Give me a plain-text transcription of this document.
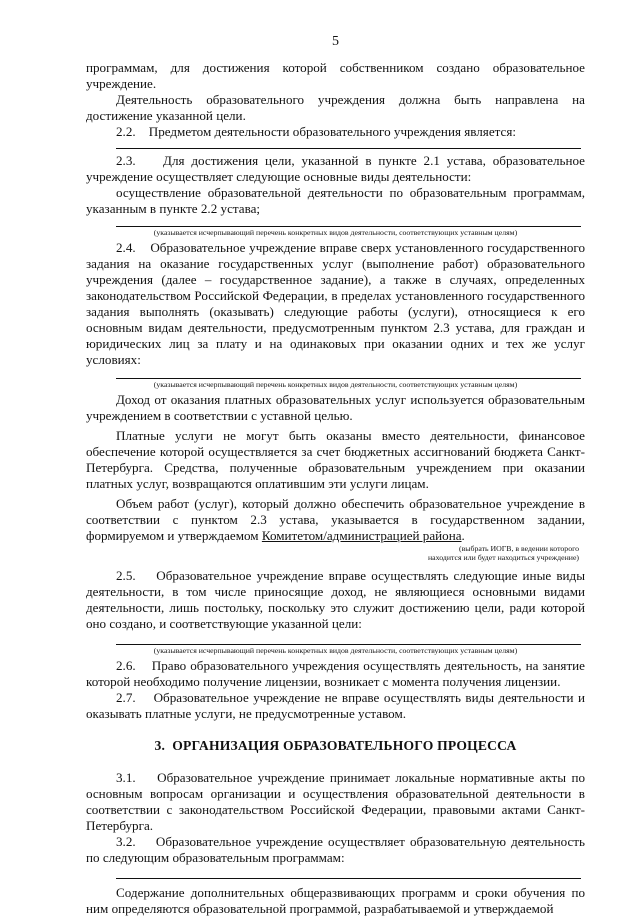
5

программам, для достижения которой собственником создано образовательное учреждение.

Деятельность образовательного учреждения должна быть направлена на достижение указанной цели.

2.2.    Предметом деятельности образовательного учреждения является:

2.3.    Для достижения цели, указанной в пункте 2.1 устава, образовательное учреждение осуществляет следующие основные виды деятельности:

осуществление образовательной деятельности по образовательным программам, указанным в пункте 2.2 устава;

(указывается исчерпывающий перечень конкретных видов деятельности, соответствующих уставным целям)

2.4.    Образовательное учреждение вправе сверх установленного государственного задания на оказание государственных услуг (выполнение работ) образовательного учреждения (далее – государственное задание), а также в случаях, определенных законодательством Российской Федерации, в пределах установленного государственного задания выполнять (оказывать) следующие работы (услуги), относящиеся к его основным видам деятельности, предусмотренным пунктом 2.3 устава, для граждан и юридических лиц за плату и на одинаковых при оказании одних и тех же услуг условиях:

(указывается исчерпывающий перечень конкретных видов деятельности, соответствующих уставным целям)

Доход от оказания платных образовательных услуг используется образовательным учреждением в соответствии с уставной целью.

Платные услуги не могут быть оказаны вместо деятельности, финансовое обеспечение которой осуществляется за счет бюджетных ассигнований бюджета Санкт-Петербурга. Средства, полученные образовательным учреждением при оказании платных услуг, возвращаются оплатившим эти услуги лицам.

Объем работ (услуг), который должно обеспечить образовательное учреждение в соответствии с пунктом 2.3 устава, указывается в государственном задании, формируемом и утверждаемом Комитетом/администрацией района.

(выбрать ИОГВ, в ведении которого
находится или будет находиться учреждение)

2.5.    Образовательное учреждение вправе осуществлять следующие иные виды деятельности, в том числе приносящие доход, не являющиеся основными видами деятельности, лишь постольку, поскольку это служит достижению цели, ради которой оно создано, и соответствующие указанной цели:

(указывается исчерпывающий перечень конкретных видов деятельности, соответствующих уставным целям)

2.6.    Право образовательного учреждения осуществлять деятельность, на занятие которой необходимо получение лицензии, возникает с момента получения лицензии.

2.7.    Образовательное учреждение не вправе осуществлять виды деятельности и оказывать платные услуги, не предусмотренные уставом.

3.  ОРГАНИЗАЦИЯ ОБРАЗОВАТЕЛЬНОГО ПРОЦЕССА

3.1.    Образовательное учреждение принимает локальные нормативные акты по основным вопросам организации и осуществления образовательной деятельности в соответствии с законодательством Российской Федерации, правовыми актами Санкт-Петербурга.

3.2.    Образовательное учреждение осуществляет образовательную деятельность по следующим образовательным программам:

Содержание дополнительных общеразвивающих программ и сроки обучения по ним определяются образовательной программой, разрабатываемой и утверждаемой
